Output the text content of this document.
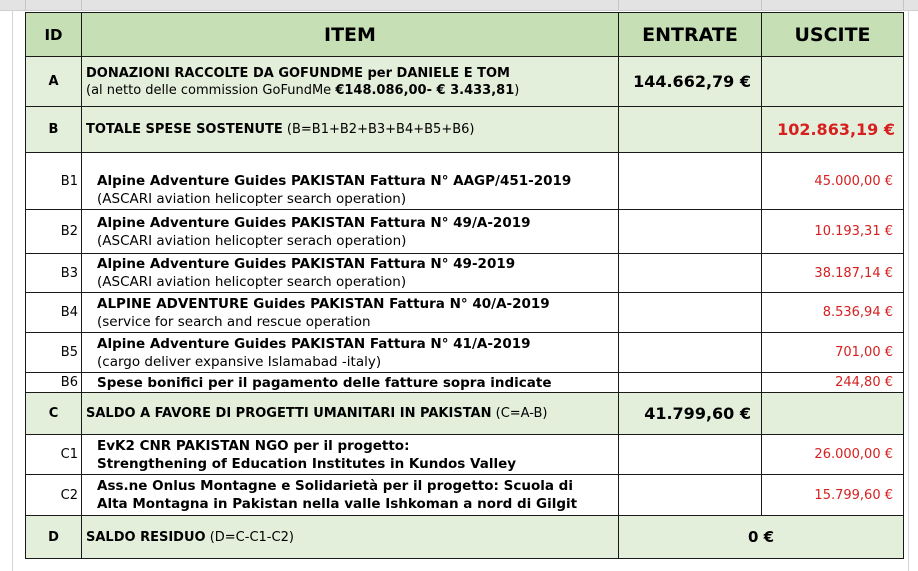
ID	ITEM	ENTRATE	USCITE
A	DONAZIONI RACCOLTE DA GOFUNDME per DANIELE E TOM
(al netto delle commission GoFundMe €148.086,00- € 3.433,81)	144.662,79 €	
B	TOTALE SPESE SOSTENUTE (B=B1+B2+B3+B4+B5+B6)		102.863,19 €
B1	Alpine Adventure Guides PAKISTAN Fattura N° AAGP/451-2019
(ASCARI aviation helicopter search operation)		45.000,00 €
B2	Alpine Adventure Guides PAKISTAN Fattura N° 49/A-2019
(ASCARI aviation helicopter serach operation)		10.193,31 €
B3	Alpine Adventure Guides PAKISTAN Fattura N° 49-2019
(ASCARI aviation helicopter search operation)		38.187,14 €
B4	ALPINE ADVENTURE Guides PAKISTAN Fattura N° 40/A-2019
(service for search and rescue operation		8.536,94 €
B5	Alpine Adventure Guides PAKISTAN Fattura N° 41/A-2019
(cargo deliver expansive Islamabad -italy)		701,00 €
B6	Spese bonifici per il pagamento delle fatture sopra indicate		244,80 €
C	SALDO A FAVORE DI PROGETTI UMANITARI IN PAKISTAN (C=A-B)	41.799,60 €	
C1	EvK2 CNR PAKISTAN NGO per il progetto:
Strengthening of Education Institutes in Kundos Valley		26.000,00 €
C2	Ass.ne Onlus Montagne e Solidarietà per il progetto: Scuola di
Alta Montagna in Pakistan nella valle Ishkoman a nord di Gilgit		15.799,60 €
D	SALDO RESIDUO (D=C-C1-C2)	0 €	
